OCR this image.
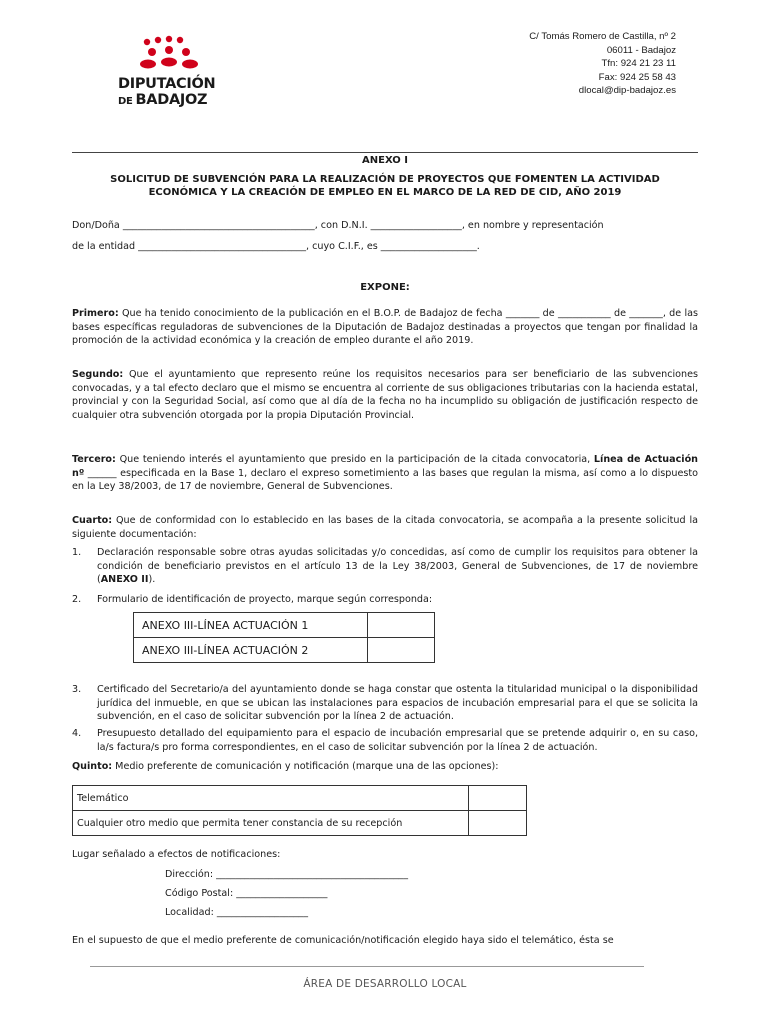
DIPUTACIÓN
DE BADAJOZ
C/ Tomás Romero de Castilla, nº 2
06011 - Badajoz
Tfn: 924 21 23 11
Fax: 924 25 58 43
dlocal@dip-badajoz.es
ANEXO I
SOLICITUD DE SUBVENCIÓN PARA LA REALIZACIÓN DE PROYECTOS QUE FOMENTEN LA ACTIVIDAD
ECONÓMICA Y LA CREACIÓN DE EMPLEO EN EL MARCO DE LA RED DE CID, AÑO 2019
Don/Doña ________________________________________, con D.N.I. ___________________, en nombre y representación
de la entidad ___________________________________, cuyo C.I.F., es ____________________.
EXPONE:
Primero: Que ha tenido conocimiento de la publicación en el B.O.P. de Badajoz de fecha _______ de ___________ de _______, de las bases específicas reguladoras de subvenciones de la Diputación de Badajoz destinadas a proyectos que tengan por finalidad la promoción de la actividad económica y la creación de empleo durante el año 2019.
Segundo: Que el ayuntamiento que represento reúne los requisitos necesarios para ser beneficiario de las subvenciones convocadas, y a tal efecto declaro que el mismo se encuentra al corriente de sus obligaciones tributarias con la hacienda estatal, provincial y con la Seguridad Social, así como que al día de la fecha no ha incumplido su obligación de justificación respecto de cualquier otra subvención otorgada por la propia Diputación Provincial.
Tercero: Que teniendo interés el ayuntamiento que presido en la participación de la citada convocatoria, Línea de Actuación nº ______ especificada en la Base 1, declaro el expreso sometimiento a las bases que regulan la misma, así como a lo dispuesto en la Ley 38/2003, de 17 de noviembre, General de Subvenciones.
Cuarto: Que de conformidad con lo establecido en las bases de la citada convocatoria, se acompaña a la presente solicitud la siguiente documentación:
1. Declaración responsable sobre otras ayudas solicitadas y/o concedidas, así como de cumplir los requisitos para obtener la condición de beneficiario previstos en el artículo 13 de la Ley 38/2003, General de Subvenciones, de 17 de noviembre (ANEXO II).
2. Formulario de identificación de proyecto, marque según corresponda:
ANEXO III-LÍNEA ACTUACIÓN 1	
ANEXO III-LÍNEA ACTUACIÓN 2	
3. Certificado del Secretario/a del ayuntamiento donde se haga constar que ostenta la titularidad municipal o la disponibilidad jurídica del inmueble, en que se ubican las instalaciones para espacios de incubación empresarial para el que se solicita la subvención, en el caso de solicitar subvención por la línea 2 de actuación.
4. Presupuesto detallado del equipamiento para el espacio de incubación empresarial que se pretende adquirir o, en su caso, la/s factura/s pro forma correspondientes, en el caso de solicitar subvención por la línea 2 de actuación.
Quinto: Medio preferente de comunicación y notificación (marque una de las opciones):
Telemático	
Cualquier otro medio que permita tener constancia de su recepción	
Lugar señalado a efectos de notificaciones:
Dirección: ________________________________________
Código Postal: ___________________
Localidad: ___________________
En el supuesto de que el medio preferente de comunicación/notificación elegido haya sido el telemático, ésta se
ÁREA DE DESARROLLO LOCAL
